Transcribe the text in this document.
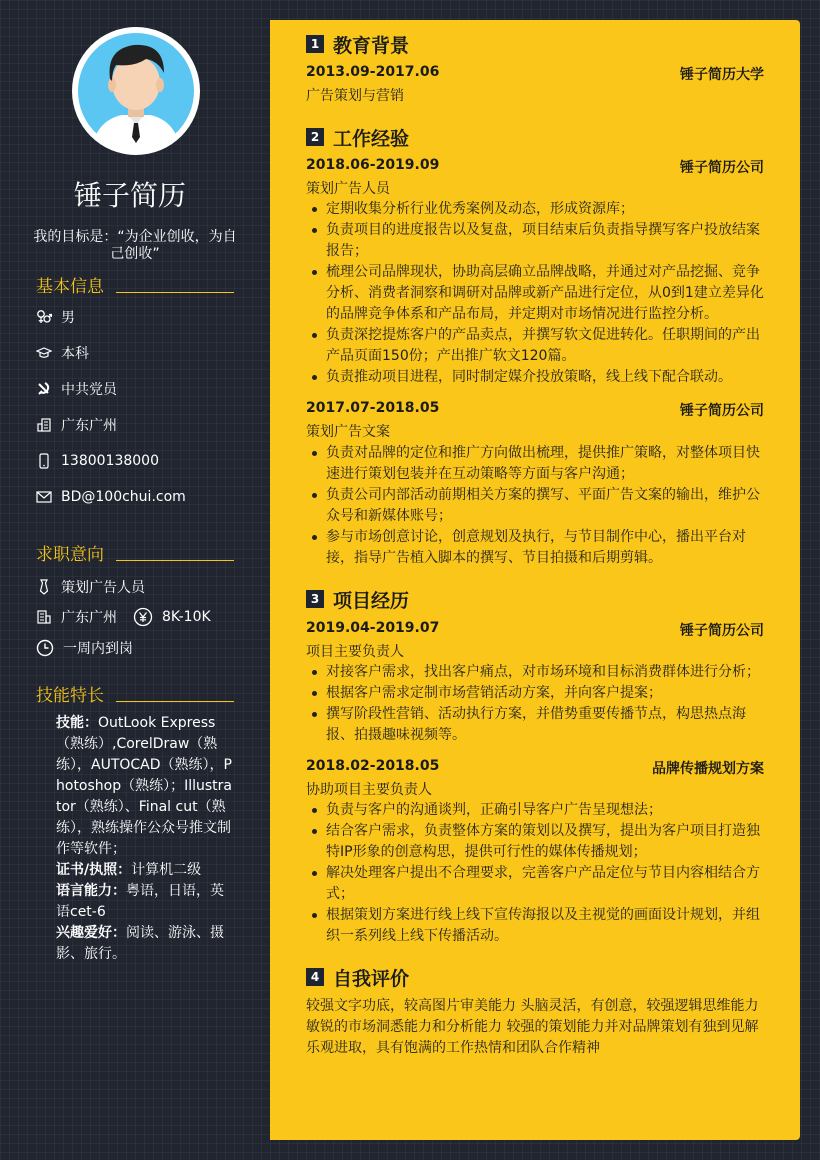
锤子简历
我的目标是：“为企业创收，为自己创收”
基本信息
男
本科
中共党员
广东广州
13800138000
BD@100chui.com
求职意向
策划广告人员
广东广州	8K-10K
一周内到岗
技能特长

技能：OutLook Express（熟练）,CorelDraw（熟练），AUTOCAD（熟练），Photoshop（熟练）；Illustrator（熟练）、Final cut（熟练），熟练操作公众号推文制作等软件；

证书/执照：计算机二级

语言能力：粤语，日语，英语cet-6

兴趣爱好：阅读、游泳、摄影、旅行。

1 教育背景
2013.09-2017.06	锤子简历大学
广告策划与营销
2 工作经验
2018.06-2019.09	锤子简历公司
策划广告人员
定期收集分析行业优秀案例及动态，形成资源库；
负责项目的进度报告以及复盘，项目结束后负责指导撰写客户投放结案报告；
梳理公司品牌现状，协助高层确立品牌战略，并通过对产品挖掘、竞争分析、消费者洞察和调研对品牌或新产品进行定位，从0到1建立差异化的品牌竞争体系和产品布局，并定期对市场情况进行监控分析。
负责深挖提炼客户的产品卖点，并撰写软文促进转化。任职期间的产出产品页面150份；产出推广软文120篇。
负责推动项目进程，同时制定媒介投放策略，线上线下配合联动。
2017.07-2018.05	锤子简历公司
策划广告文案
负责对品牌的定位和推广方向做出梳理，提供推广策略，对整体项目快速进行策划包装并在互动策略等方面与客户沟通；
负责公司内部活动前期相关方案的撰写、平面广告文案的输出，维护公众号和新媒体账号；
参与市场创意讨论，创意规划及执行，与节目制作中心，播出平台对接，指导广告植入脚本的撰写、节目拍摄和后期剪辑。
3 项目经历
2019.04-2019.07	锤子简历公司
项目主要负责人
对接客户需求，找出客户痛点，对市场环境和目标消费群体进行分析；
根据客户需求定制市场营销活动方案，并向客户提案；
撰写阶段性营销、活动执行方案，并借势重要传播节点，构思热点海报、拍摄趣味视频等。
2018.02-2018.05	品牌传播规划方案
协助项目主要负责人
负责与客户的沟通谈判，正确引导客户广告呈现想法；
结合客户需求，负责整体方案的策划以及撰写，提出为客户项目打造独特IP形象的创意构思，提供可行性的媒体传播规划；
解决处理客户提出不合理要求，完善客户产品定位与节目内容相结合方式；
根据策划方案进行线上线下宣传海报以及主视觉的画面设计规划，并组织一系列线上线下传播活动。
4 自我评价
较强文字功底，较高图片审美能力 头脑灵活，有创意，较强逻辑思维能力 敏锐的市场洞悉能力和分析能力 较强的策划能力并对品牌策划有独到见解 乐观进取，具有饱满的工作热情和团队合作精神
